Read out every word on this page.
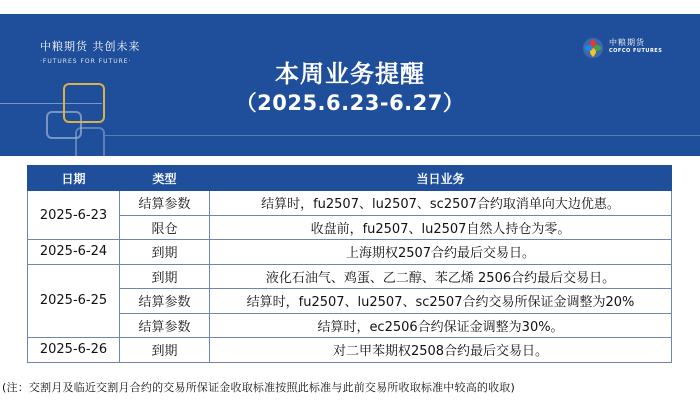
中粮期货 共创未来
·FUTURES FOR FUTURE·
中粮期货
COFCO FUTURES
本周业务提醒
（2025.6.23-6.27）
日期	类型	当日业务
2025-6-23	结算参数	结算时，fu2507、lu2507、sc2507合约取消单向大边优惠。
	限仓	收盘前，fu2507、lu2507自然人持仓为零。
2025-6-24	到期	上海期权2507合约最后交易日。
2025-6-25	到期	液化石油气、鸡蛋、乙二醇、苯乙烯 2506合约最后交易日。
	结算参数	结算时，fu2507、lu2507、sc2507合约交易所保证金调整为20%
	结算参数	结算时，ec2506合约保证金调整为30%。
2025-6-26	到期	对二甲苯期权2508合约最后交易日。
(注：交割月及临近交割月合约的交易所保证金收取标准按照此标准与此前交易所收取标准中较高的收取)
